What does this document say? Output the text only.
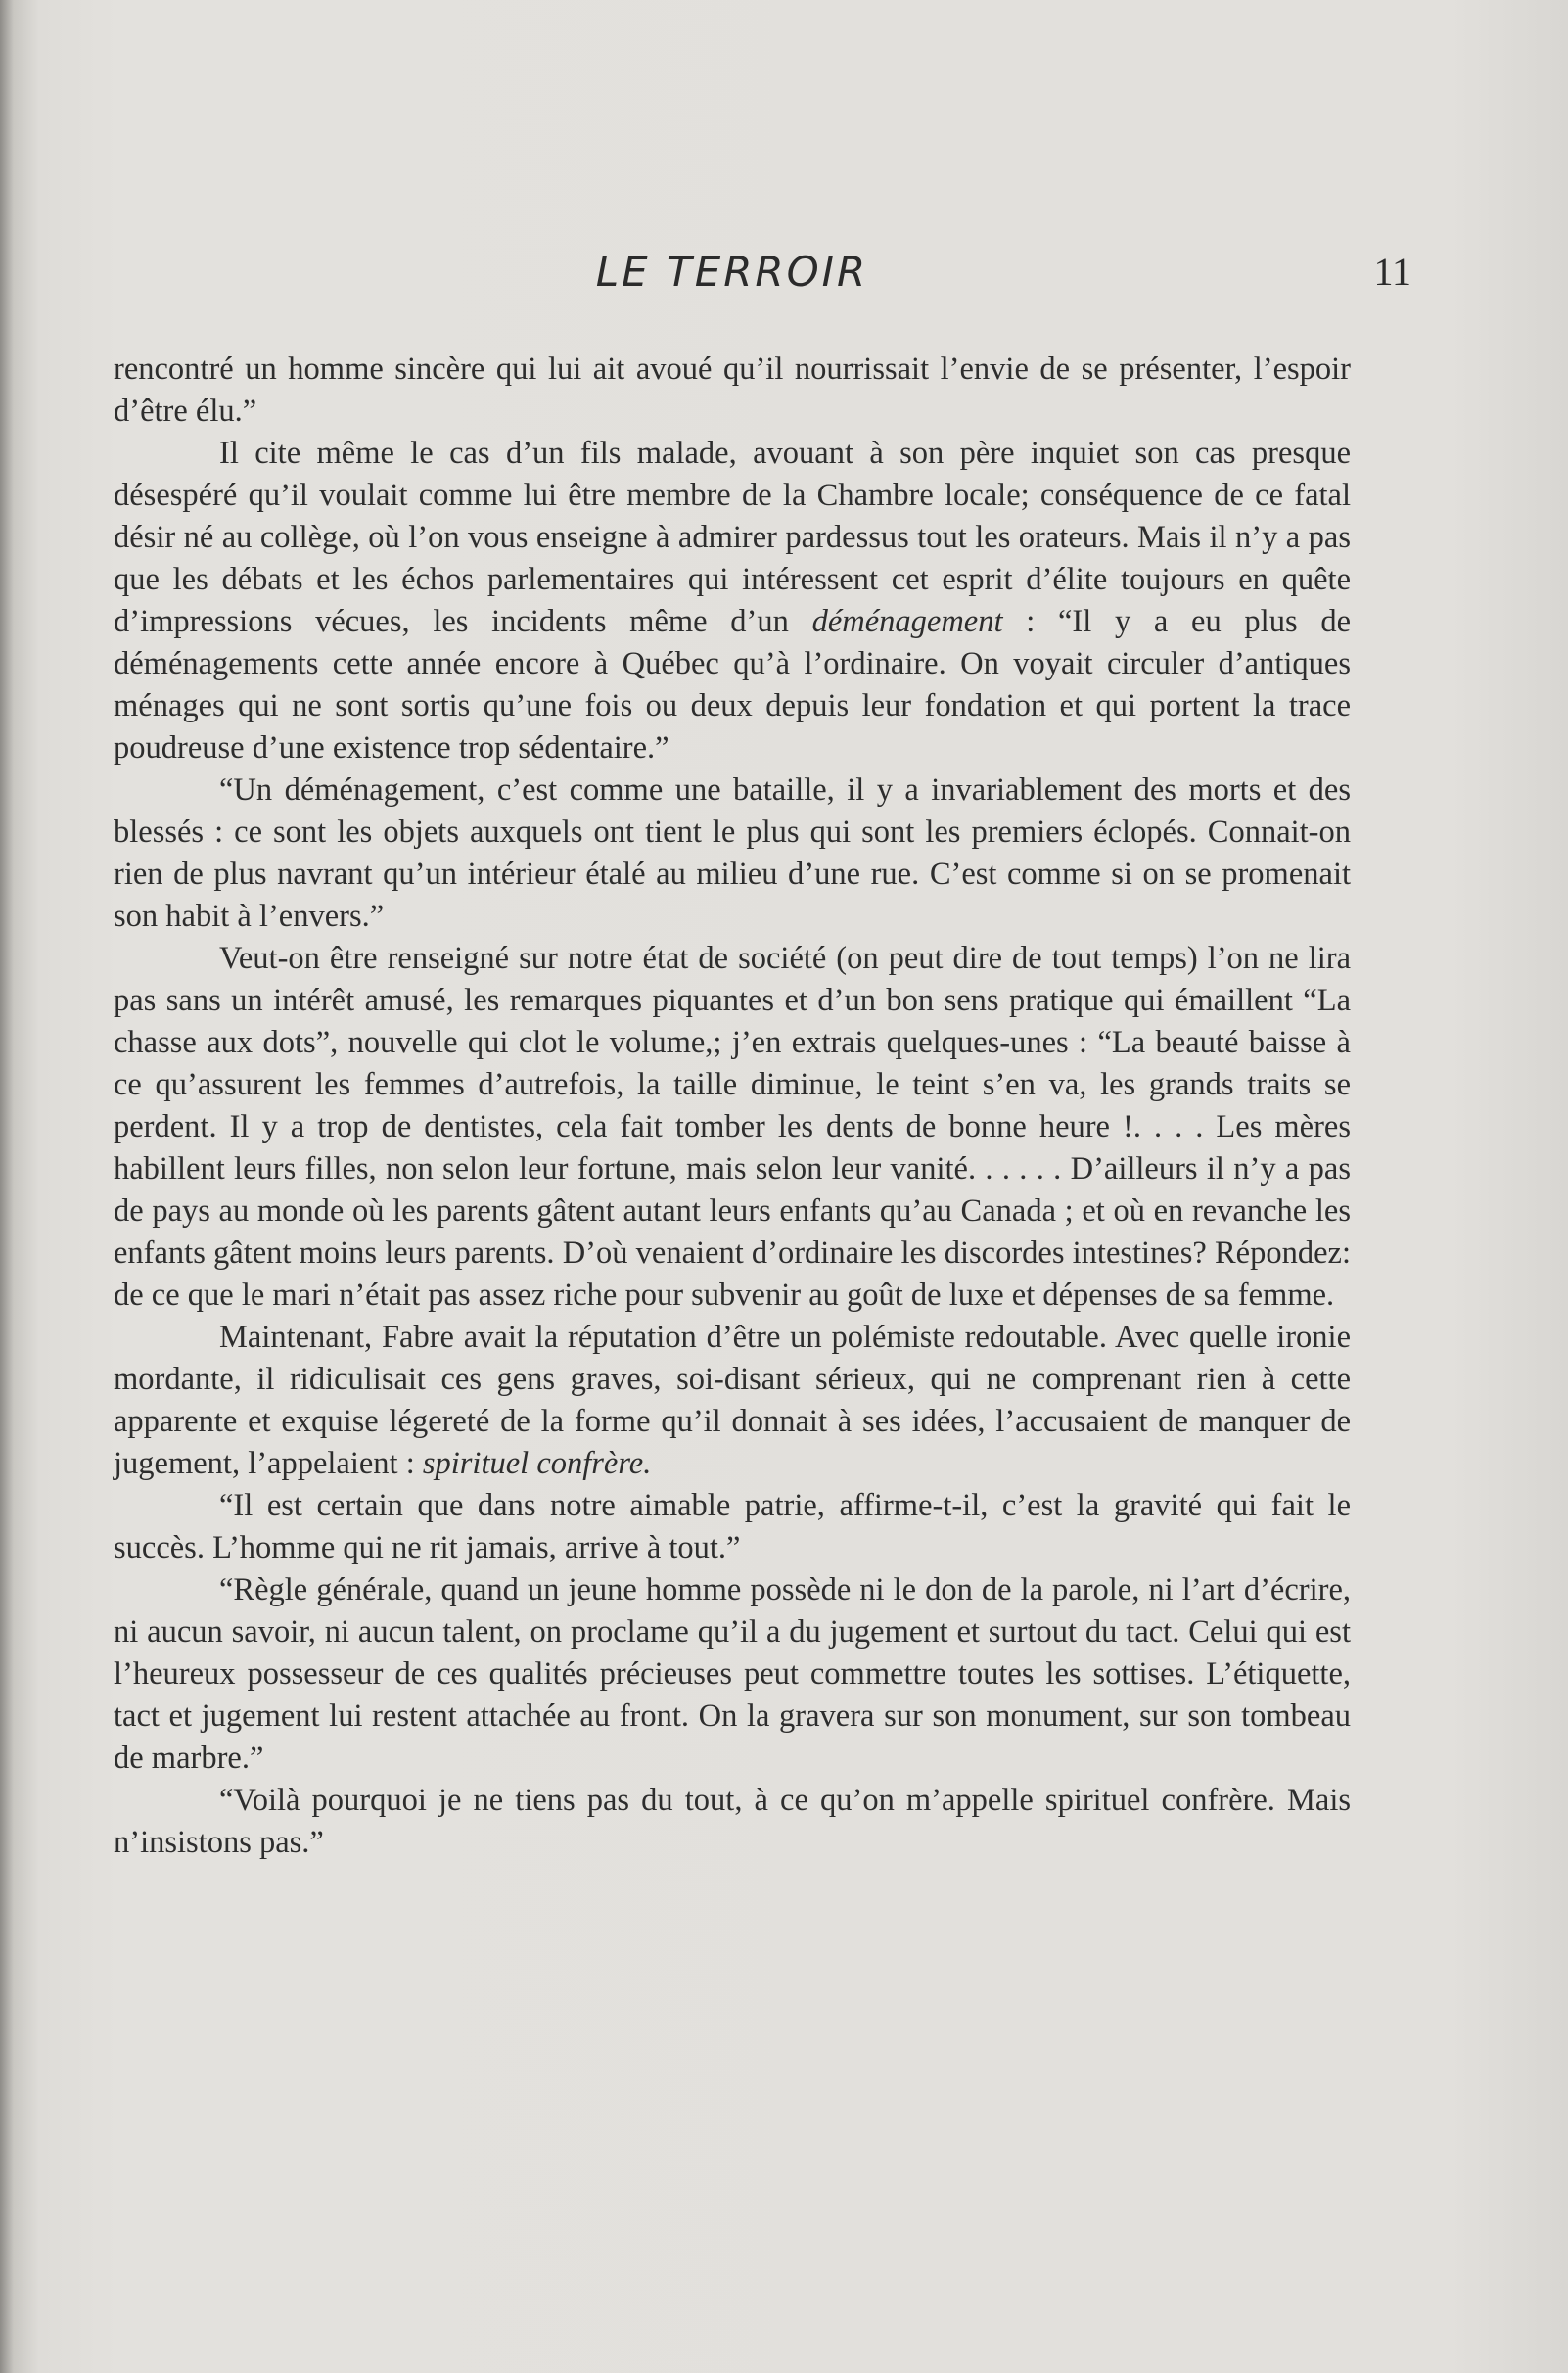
LE TERROIR	11

rencontré un homme sincère qui lui ait avoué qu’il nourrissait l’envie de se présenter, l’espoir d’être élu.”

Il cite même le cas d’un fils malade, avouant à son père inquiet son cas presque désespéré qu’il voulait comme lui être membre de la Chambre locale; conséquence de ce fatal désir né au collège, où l’on vous enseigne à admirer pardessus tout les orateurs. Mais il n’y a pas que les débats et les échos parlementaires qui intéressent cet esprit d’élite toujours en quête d’impressions vécues, les incidents même d’un déménagement : “Il y a eu plus de déménagements cette année encore à Québec qu’à l’ordinaire. On voyait circuler d’antiques ménages qui ne sont sortis qu’une fois ou deux depuis leur fondation et qui portent la trace poudreuse d’une existence trop sédentaire.”

“Un déménagement, c’est comme une bataille, il y a invariablement des morts et des blessés : ce sont les objets auxquels ont tient le plus qui sont les premiers éclopés. Connait-on rien de plus navrant qu’un intérieur étalé au milieu d’une rue. C’est comme si on se promenait son habit à l’envers.”

Veut-on être renseigné sur notre état de société (on peut dire de tout temps) l’on ne lira pas sans un intérêt amusé, les remarques piquantes et d’un bon sens pratique qui émaillent “La chasse aux dots”, nouvelle qui clot le volume,; j’en extrais quelques-unes : “La beauté baisse à ce qu’assurent les femmes d’autrefois, la taille diminue, le teint s’en va, les grands traits se perdent. Il y a trop de dentistes, cela fait tomber les dents de bonne heure !. . . . Les mères habillent leurs filles, non selon leur fortune, mais selon leur vanité. . . . . . D’ailleurs il n’y a pas de pays au monde où les parents gâtent autant leurs enfants qu’au Canada ; et où en revanche les enfants gâtent moins leurs parents. D’où venaient d’ordinaire les discordes intestines? Répondez: de ce que le mari n’était pas assez riche pour subvenir au goût de luxe et dépenses de sa femme.

Maintenant, Fabre avait la réputation d’être un polémiste redoutable. Avec quelle ironie mordante, il ridiculisait ces gens graves, soi-disant sérieux, qui ne comprenant rien à cette apparente et exquise légereté de la forme qu’il donnait à ses idées, l’accusaient de manquer de jugement, l’appelaient : spirituel confrère.

“Il est certain que dans notre aimable patrie, affirme-t-il, c’est la gravité qui fait le succès. L’homme qui ne rit jamais, arrive à tout.”

“Règle générale, quand un jeune homme possède ni le don de la parole, ni l’art d’écrire, ni aucun savoir, ni aucun talent, on proclame qu’il a du jugement et surtout du tact. Celui qui est l’heureux possesseur de ces qualités précieuses peut commettre toutes les sottises. L’étiquette, tact et jugement lui restent attachée au front. On la gravera sur son monument, sur son tombeau de marbre.”

“Voilà pourquoi je ne tiens pas du tout, à ce qu’on m’appelle spirituel confrère. Mais n’insistons pas.”
